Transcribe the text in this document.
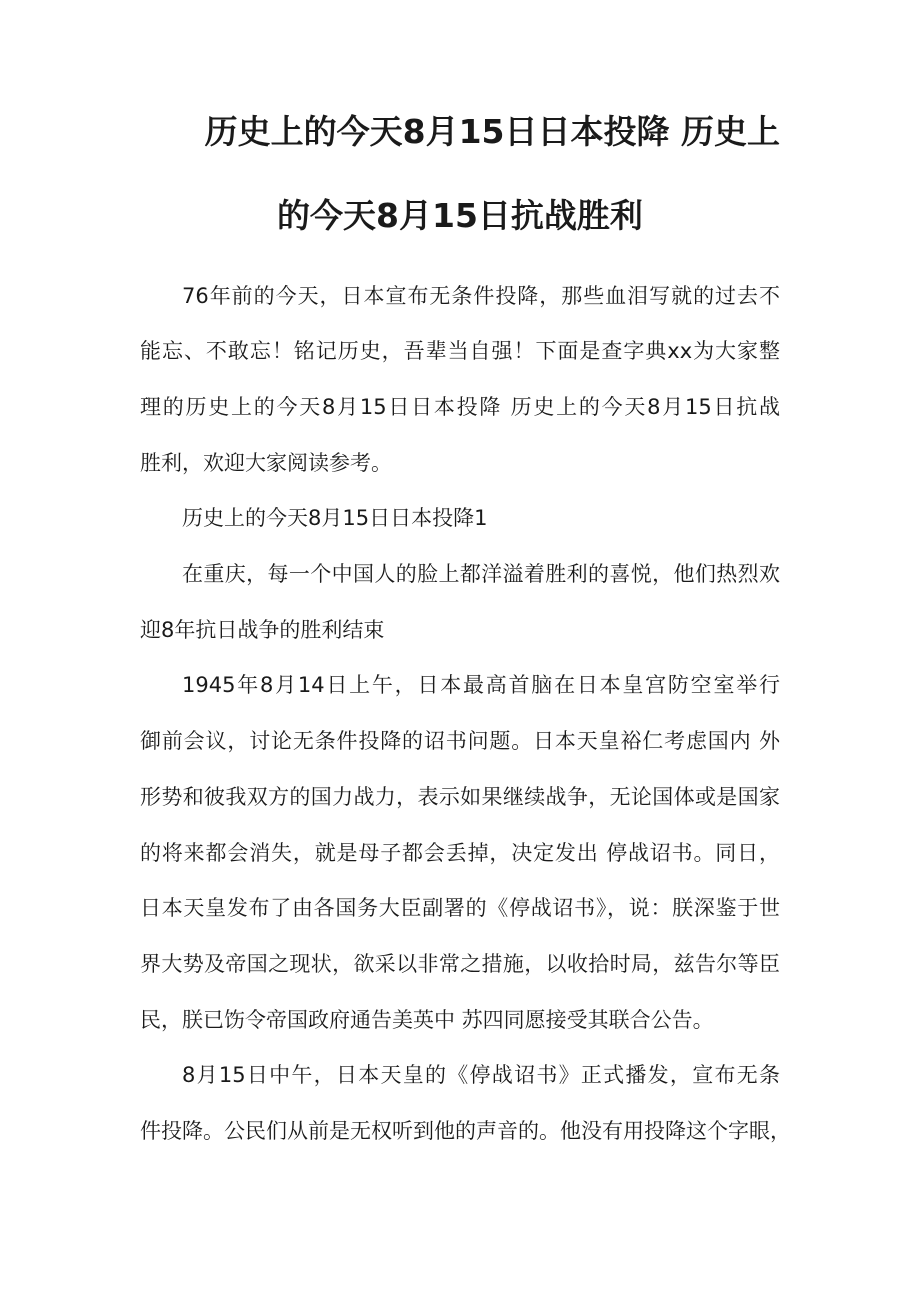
历史上的今天8月15日日本投降 历史上
的今天8月15日抗战胜利
76年前的今天，日本宣布无条件投降，那些血泪写就的过去不
能忘、不敢忘！铭记历史，吾辈当自强！下面是查字典xx为大家整
理的历史上的今天8月15日日本投降 历史上的今天8月15日抗战
胜利，欢迎大家阅读参考。
历史上的今天8月15日日本投降1
在重庆，每一个中国人的脸上都洋溢着胜利的喜悦，他们热烈欢
迎8年抗日战争的胜利结束
1945年8月14日上午，日本最高首脑在日本皇宫防空室举行
御前会议，讨论无条件投降的诏书问题。日本天皇裕仁考虑国内 外
形势和彼我双方的国力战力，表示如果继续战争，无论国体或是国家
的将来都会消失，就是母子都会丢掉，决定发出 停战诏书。同日，
日本天皇发布了由各国务大臣副署的《停战诏书》，说：朕深鉴于世
界大势及帝国之现状，欲采以非常之措施，以收拾时局，兹告尔等臣
民，朕已饬令帝国政府通告美英中 苏四同愿接受其联合公告。
8月15日中午，日本天皇的《停战诏书》正式播发，宣布无条
件投降。公民们从前是无权听到他的声音的。他没有用投降这个字眼，
